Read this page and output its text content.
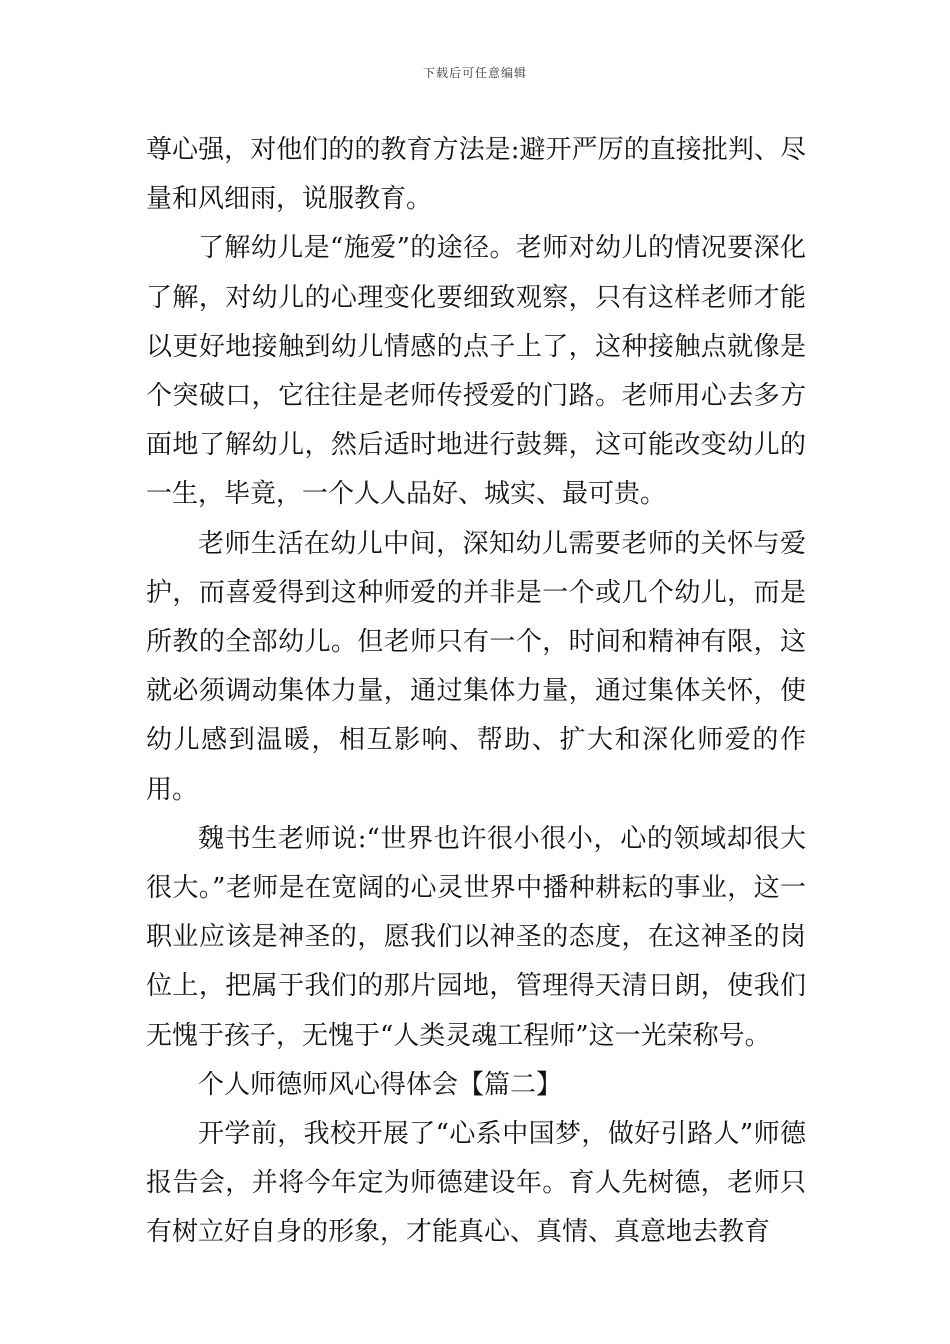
下载后可任意编辑

尊心强，对他们的的教育方法是:避开严厉的直接批判、尽量和风细雨，说服教育。

了解幼儿是“施爱”的途径。老师对幼儿的情况要深化了解，对幼儿的心理变化要细致观察，只有这样老师才能以更好地接触到幼儿情感的点子上了，这种接触点就像是个突破口，它往往是老师传授爱的门路。老师用心去多方面地了解幼儿，然后适时地进行鼓舞，这可能改变幼儿的一生，毕竟，一个人人品好、城实、最可贵。

老师生活在幼儿中间，深知幼儿需要老师的关怀与爱护，而喜爱得到这种师爱的并非是一个或几个幼儿，而是所教的全部幼儿。但老师只有一个，时间和精神有限，这就必须调动集体力量，通过集体力量，通过集体关怀，使幼儿感到温暖，相互影响、帮助、扩大和深化师爱的作用。

魏书生老师说:“世界也许很小很小，心的领域却很大很大。”老师是在宽阔的心灵世界中播种耕耘的事业，这一职业应该是神圣的，愿我们以神圣的态度，在这神圣的岗位上，把属于我们的那片园地，管理得天清日朗，使我们无愧于孩子，无愧于“人类灵魂工程师”这一光荣称号。

个人师德师风心得体会【篇二】

开学前，我校开展了“心系中国梦，做好引路人”师德报告会，并将今年定为师德建设年。育人先树德，老师只有树立好自身的形象，才能真心、真情、真意地去教育
